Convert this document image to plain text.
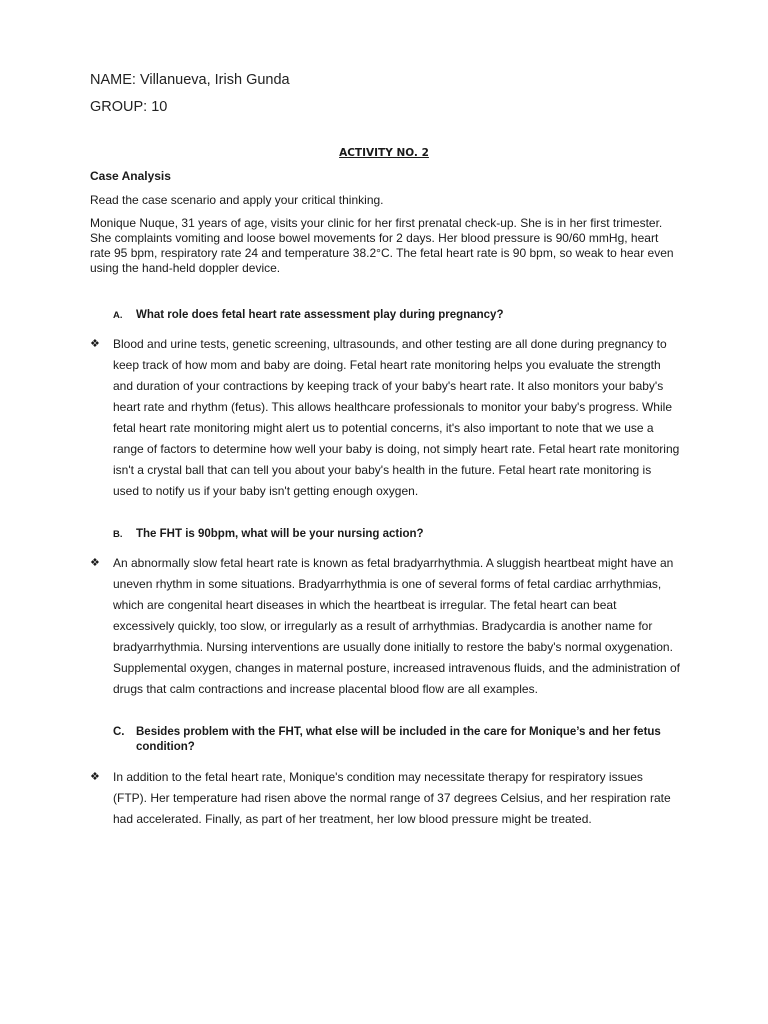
NAME: Villanueva, Irish Gunda

GROUP: 10

ACTIVITY NO. 2

Case Analysis

Read the case scenario and apply your critical thinking.

Monique Nuque, 31 years of age, visits your clinic for her first prenatal check-up. She is in her first trimester. She complaints vomiting and loose bowel movements for 2 days. Her blood pressure is 90/60 mmHg, heart rate 95 bpm, respiratory rate 24 and temperature 38.2°C. The fetal heart rate is 90 bpm, so weak to hear even using the hand-held doppler device.

A.	What role does fetal heart rate assessment play during pregnancy?
❖	Blood and urine tests, genetic screening, ultrasounds, and other testing are all done during pregnancy to keep track of how mom and baby are doing. Fetal heart rate monitoring helps you evaluate the strength and duration of your contractions by keeping track of your baby's heart rate. It also monitors your baby's heart rate and rhythm (fetus). This allows healthcare professionals to monitor your baby's progress. While fetal heart rate monitoring might alert us to potential concerns, it's also important to note that we use a range of factors to determine how well your baby is doing, not simply heart rate. Fetal heart rate monitoring isn't a crystal ball that can tell you about your baby's health in the future. Fetal heart rate monitoring is used to notify us if your baby isn't getting enough oxygen.
B.	The FHT is 90bpm, what will be your nursing action?
❖	An abnormally slow fetal heart rate is known as fetal bradyarrhythmia. A sluggish heartbeat might have an uneven rhythm in some situations. Bradyarrhythmia is one of several forms of fetal cardiac arrhythmias, which are congenital heart diseases in which the heartbeat is irregular. The fetal heart can beat excessively quickly, too slow, or irregularly as a result of arrhythmias. Bradycardia is another name for bradyarrhythmia. Nursing interventions are usually done initially to restore the baby's normal oxygenation. Supplemental oxygen, changes in maternal posture, increased intravenous fluids, and the administration of drugs that calm contractions and increase placental blood flow are all examples.
C.	Besides problem with the FHT, what else will be included in the care for Monique’s and her fetus condition?
❖	In addition to the fetal heart rate, Monique's condition may necessitate therapy for respiratory issues (FTP). Her temperature had risen above the normal range of 37 degrees Celsius, and her respiration rate had accelerated. Finally, as part of her treatment, her low blood pressure might be treated.
